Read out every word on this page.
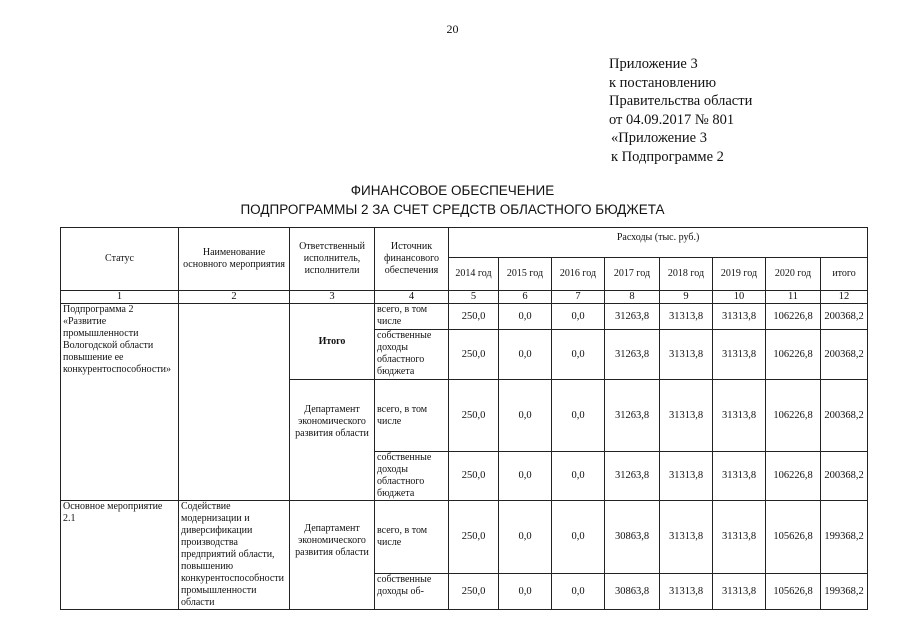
20
Приложение 3
к постановлению
Правительства области
от 04.09.2017 № 801
«Приложение 3
к Подпрограмме 2
ФИНАНСОВОЕ ОБЕСПЕЧЕНИЕ
ПОДПРОГРАММЫ 2 ЗА СЧЕТ СРЕДСТВ ОБЛАСТНОГО БЮДЖЕТА
Статус	Наименование основного мероприятия	Ответственный исполнитель, исполнители	Источник финансового обеспечения	Расходы (тыс. руб.)							
				2014 год	2015 год	2016 год	2017 год	2018 год	2019 год	2020 год	итого
1	2	3	4	5	6	7	8	9	10	11	12
Подпрограмма 2 «Развитие промышленности Вологодской области повышение ее конкурентоспособности»		Итого	всего, в том числе	250,0	0,0	0,0	31263,8	31313,8	31313,8	106226,8	200368,2
			собственные доходы областного бюджета	250,0	0,0	0,0	31263,8	31313,8	31313,8	106226,8	200368,2
		Департамент экономического развития области	всего, в том числе	250,0	0,0	0,0	31263,8	31313,8	31313,8	106226,8	200368,2
			собственные доходы областного бюджета	250,0	0,0	0,0	31263,8	31313,8	31313,8	106226,8	200368,2
Основное мероприятие 2.1	Содействие модернизации и диверсификации производства предприятий области, повышению конкурентоспособности промышленности области	Департамент экономического развития области	всего, в том числе	250,0	0,0	0,0	30863,8	31313,8	31313,8	105626,8	199368,2
			собственные доходы об-	250,0	0,0	0,0	30863,8	31313,8	31313,8	105626,8	199368,2
